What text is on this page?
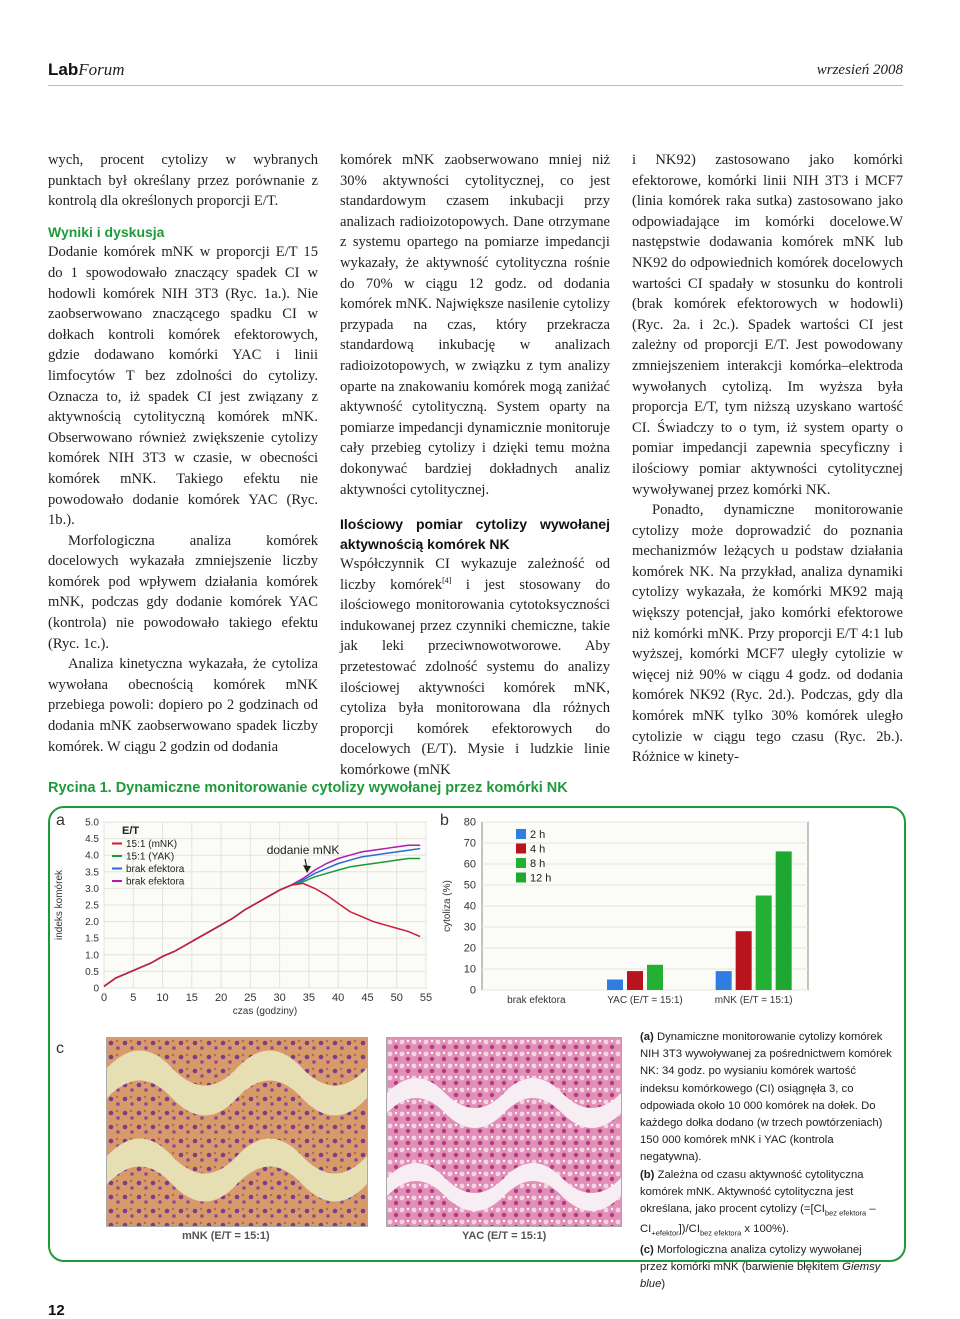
LabForum	wrzesień 2008

wych, procent cytolizy w wybranych punktach był określany przez porównanie z kontrolą dla określonych proporcji E/T.

Wyniki i dyskusja

Dodanie komórek mNK w proporcji E/T 15 do 1 spowodowało znaczący spadek CI w hodowli komórek NIH 3T3 (Ryc. 1a.). Nie zaobserwowano znaczącego spadku CI w dołkach kontroli komórek efektorowych, gdzie dodawano komórki YAC i linii limfocytów T bez zdolności do cytolizy. Oznacza to, iż spadek CI jest związany z aktywnością cytolityczną komórek mNK. Obserwowano również zwiększenie cytolizy komórek NIH 3T3 w czasie, w obecności komórek mNK. Takiego efektu nie powodowało dodanie komórek YAC (Ryc. 1b.).

Morfologiczna analiza komórek docelowych wykazała zmniejszenie liczby komórek pod wpływem działania komórek mNK, podczas gdy dodanie komórek YAC (kontrola) nie powodowało takiego efektu (Ryc. 1c.).

Analiza kinetyczna wykazała, że cytoliza wywołana obecnością komórek mNK przebiega powoli: dopiero po 2 godzinach od dodania mNK zaobserwowano spadek liczby komórek. W ciągu 2 godzin od dodania

komórek mNK zaobserwowano mniej niż 30% aktywności cytolitycznej, co jest standardowym czasem inkubacji przy analizach radioizotopowych. Dane otrzymane z systemu opartego na pomiarze impedancji wykazały, że aktywność cytolityczna rośnie do 70% w ciągu 12 godz. od dodania komórek mNK. Największe nasilenie cytolizy przypada na czas, który przekracza standardową inkubację w analizach radioizotopowych, w związku z tym analizy oparte na znakowaniu komórek mogą zaniżać aktywność cytolityczną. System oparty na pomiarze impedancji dynamicznie monitoruje cały przebieg cytolizy i dzięki temu można dokonywać bardziej dokładnych analiz aktywności cytolitycznej.

Ilościowy pomiar cytolizy wywołanej aktywnością komórek NK

Współczynnik CI wykazuje zależność od liczby komórek[4] i jest stosowany do ilościowego monitorowania cytotoksyczności indukowanej przez czynniki chemiczne, takie jak leki przeciwnowotworowe. Aby przetestować zdolność systemu do analizy ilościowej aktywności komórek mNK, cytoliza była monitorowana dla różnych proporcji komórek efektorowych do docelowych (E/T). Mysie i ludzkie linie komórkowe (mNK

i NK92) zastosowano jako komórki efektorowe, komórki linii NIH 3T3 i MCF7 (linia komórek raka sutka) zastosowano jako odpowiadające im komórki docelowe.W następstwie dodawania komórek mNK lub NK92 do odpowiednich komórek docelowych wartości CI spadały w stosunku do kontroli (brak komórek efektorowych w hodowli) (Ryc. 2a. i 2c.). Spadek wartości CI jest zależny od proporcji E/T. Jest powodowany zmniejszeniem interakcji komórka–elektroda wywołanych cytolizą. Im wyższa była proporcja E/T, tym niższą uzyskano wartość CI. Świadczy to o tym, iż system oparty o pomiar impedancji zapewnia specyficzny i ilościowy pomiar aktywności cytolitycznej wywoływanej przez komórki NK.

Ponadto, dynamiczne monitorowanie cytolizy może doprowadzić do poznania mechanizmów leżących u podstaw działania komórek NK. Na przykład, analiza dynamiki cytolizy wykazała, że komórki MK92 mają większy potencjał, jako komórki efektorowe niż komórki mNK. Przy proporcji E/T 4:1 lub wyższej, komórki MCF7 uległy cytolizie w więcej niż 90% w ciągu 4 godz. od dodania komórek NK92 (Ryc. 2d.). Podczas, gdy dla komórek mNK tylko 30% komórek uległo cytolizie w ciągu tego czasu (Ryc. 2b.). Różnice w kinety-

Rycina 1. Dynamiczne monitorowanie cytolizy wywołanej przez komórki NK
a	b
c
0
0.5
1.0
1.5
2.0
2.5
3.0
3.5
4.0
4.5
5.0
0 5 10 15 20 25 30 35 40 45 50 55
czas (godziny)
indeks komórek
E/T
15:1 (mNK)
15:1 (YAK)
brak efektora
brak efektora
dodanie mNK
0
10
20
30
40
50
60
70
80
cytoliza (%)
brak efektora	YAC (E/T = 15:1)	mNK (E/T = 15:1)
2 h
4 h
8 h
12 h
mNK (E/T = 15:1)	YAC (E/T = 15:1)

(a) Dynamiczne monitorowanie cytolizy komórek NIH 3T3 wywoływanej za pośrednictwem komórek NK: 34 godz. po wysianiu komórek wartość indeksu komórkowego (CI) osiągnęła 3, co odpowiada około 10 000 komórek na dołek. Do każdego dołka dodano (w trzech powtórzeniach) 150 000 komórek mNK i YAC (kontrola negatywna).

(b) Zależna od czasu aktywność cytolityczna komórek mNK. Aktywność cytolityczna jest określana, jako procent cytolizy $(=[CI_{bez efektora} - CI_{+efektor}])/CI_{bez efektora}$ x 100%).

(c) Morfologiczna analiza cytolizy wywołanej przez komórki mNK (barwienie błękitem Giemsy blue)

12
